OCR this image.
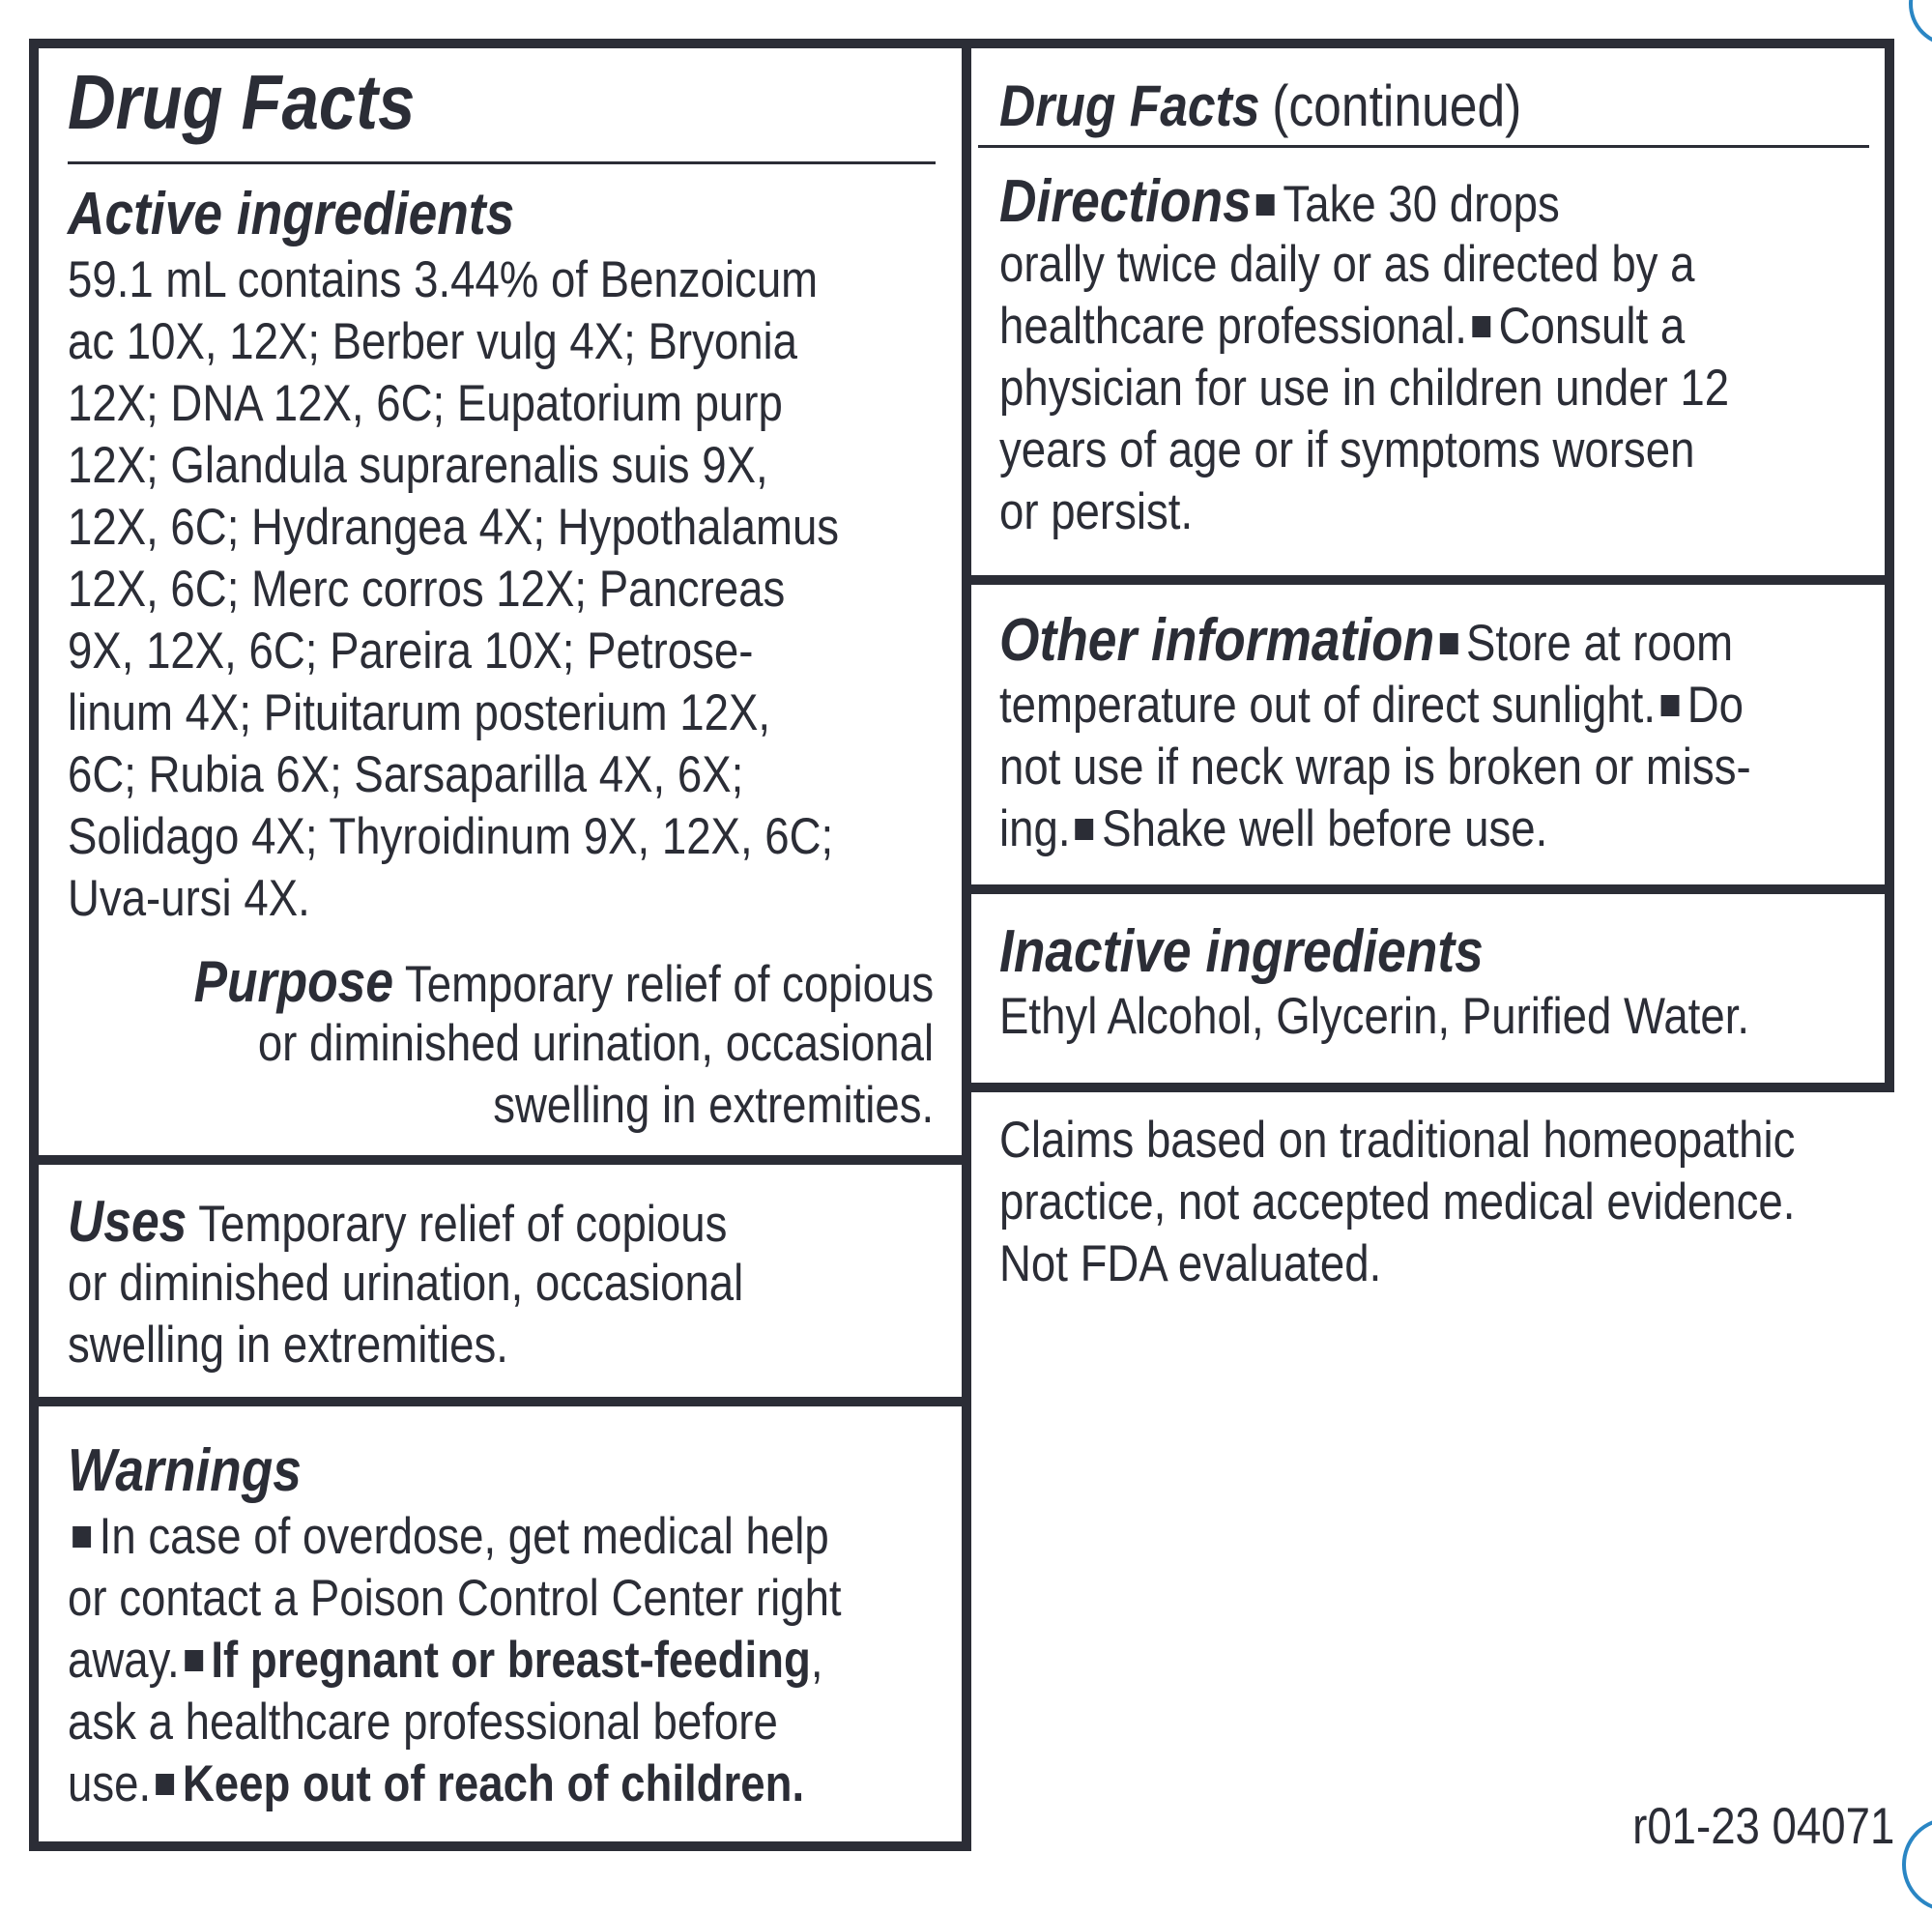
Drug Facts
Active ingredients
59.1 mL contains 3.44% of Benzoicum
ac 10X, 12X; Berber vulg 4X; Bryonia
12X; DNA 12X, 6C; Eupatorium purp
12X; Glandula suprarenalis suis 9X,
12X, 6C; Hydrangea 4X; Hypothalamus
12X, 6C; Merc corros 12X; Pancreas
9X, 12X, 6C; Pareira 10X; Petrose-
linum 4X; Pituitarum posterium 12X,
6C; Rubia 6X; Sarsaparilla 4X, 6X;
Solidago 4X; Thyroidinum 9X, 12X, 6C;
Uva-ursi 4X.
Purpose Temporary relief of copious
or diminished urination, occasional
swelling in extremities.
Uses Temporary relief of copious
or diminished urination, occasional
swelling in extremities.
Warnings
In case of overdose, get medical help
or contact a Poison Control Center right
away. If pregnant or breast-feeding,
ask a healthcare professional before
use. Keep out of reach of children.
Drug Facts (continued)
Directions Take 30 drops
orally twice daily or as directed by a
healthcare professional. Consult a
physician for use in children under 12
years of age or if symptoms worsen
or persist.
Other information Store at room
temperature out of direct sunlight. Do
not use if neck wrap is broken or miss-
ing. Shake well before use.
Inactive ingredients
Ethyl Alcohol, Glycerin, Purified Water.
Claims based on traditional homeopathic
practice, not accepted medical evidence.
Not FDA evaluated.
r01-23 04071
